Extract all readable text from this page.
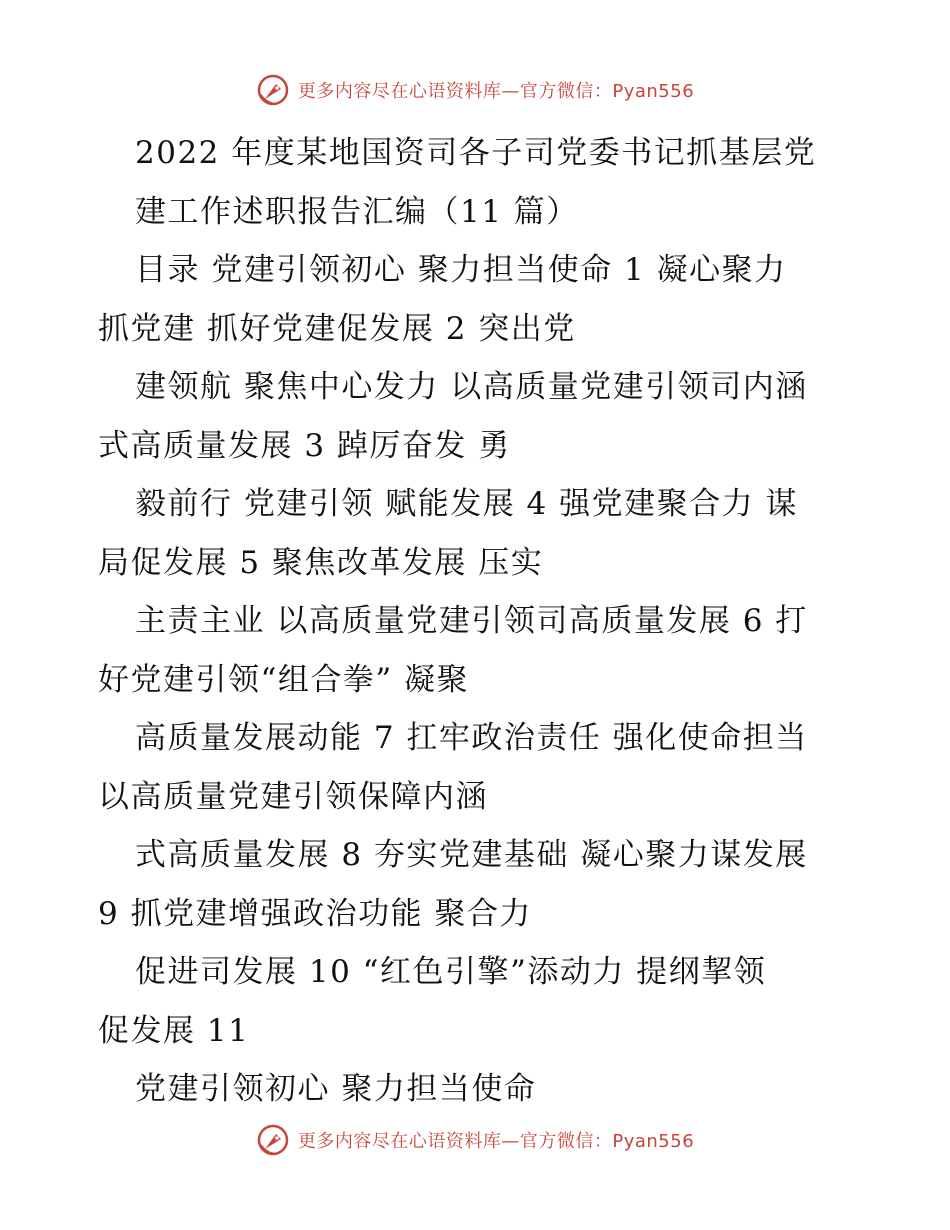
更多内容尽在心语资料库—官方微信：Pyan556
2022 年度某地国资司各子司党委书记抓基层党
建工作述职报告汇编（11 篇）
目录 党建引领初心 聚力担当使命 1 凝心聚力
抓党建 抓好党建促发展 2 突出党
建领航 聚焦中心发力 以高质量党建引领司内涵
式高质量发展 3 踔厉奋发 勇
毅前行 党建引领 赋能发展 4 强党建聚合力 谋
局促发展 5 聚焦改革发展 压实
主责主业 以高质量党建引领司高质量发展 6 打
好党建引领“组合拳” 凝聚
高质量发展动能 7 扛牢政治责任 强化使命担当
以高质量党建引领保障内涵
式高质量发展 8 夯实党建基础 凝心聚力谋发展
9 抓党建增强政治功能 聚合力
促进司发展 10 “红色引擎”添动力 提纲挈领
促发展 11
党建引领初心 聚力担当使命
更多内容尽在心语资料库—官方微信：Pyan556
